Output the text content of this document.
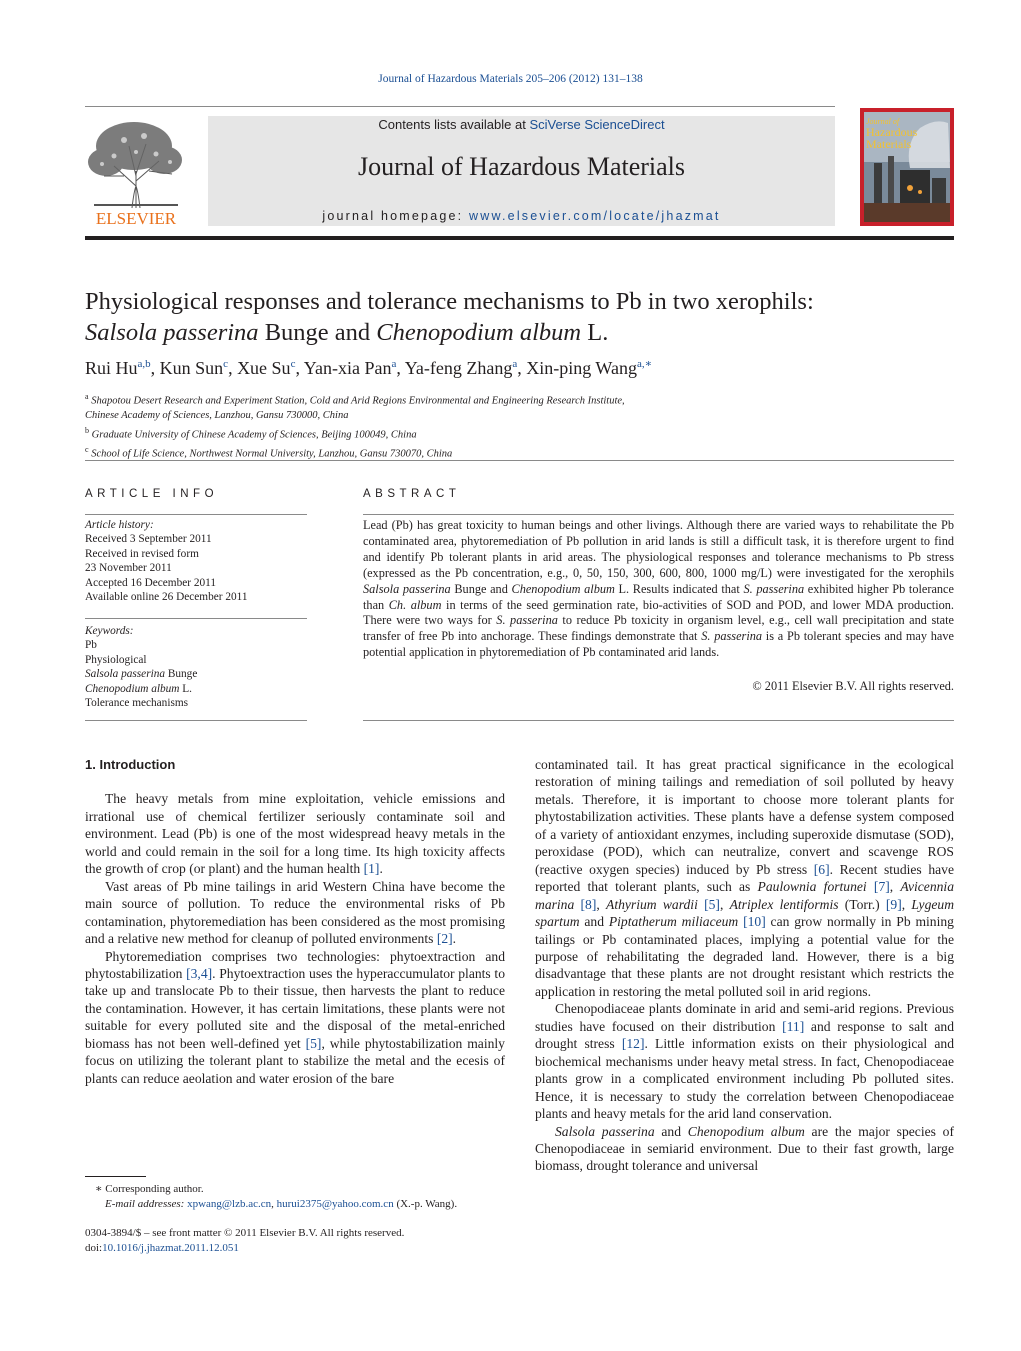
Journal of Hazardous Materials 205–206 (2012) 131–138
ELSEVIER
Contents lists available at SciVerse ScienceDirect
Journal of Hazardous Materials
journal homepage: www.elsevier.com/locate/jhazmat
Journal of
Hazardous
Materials
Physiological responses and tolerance mechanisms to Pb in two xerophils:
Salsola passerina Bunge and Chenopodium album L.
Rui Hu$^{a,b}$, Kun Sun$^c$, Xue Su$^c$, Yan-xia Pan$^a$, Ya-feng Zhang$^a$, Xin-ping Wang$^{a,∗}$
$^a$ Shapotou Desert Research and Experiment Station, Cold and Arid Regions Environmental and Engineering Research Institute,
Chinese Academy of Sciences, Lanzhou, Gansu 730000, China
$^b$ Graduate University of Chinese Academy of Sciences, Beijing 100049, China
$^c$ School of Life Science, Northwest Normal University, Lanzhou, Gansu 730070, China
ARTICLE INFO
Article history:
Received 3 September 2011
Received in revised form
23 November 2011
Accepted 16 December 2011
Available online 26 December 2011
Keywords:
Pb
Physiological
Salsola passerina Bunge
Chenopodium album L.
Tolerance mechanisms
ABSTRACT
Lead (Pb) has great toxicity to human beings and other livings. Although there are varied ways to rehabilitate the Pb contaminated area, phytoremediation of Pb pollution in arid lands is still a difficult task, it is therefore urgent to find and identify Pb tolerant plants in arid areas. The physiological responses and tolerance mechanisms to Pb stress (expressed as the Pb concentration, e.g., 0, 50, 150, 300, 600, 800, 1000 mg/L) were investigated for the xerophils Salsola passerina Bunge and Chenopodium album L. Results indicated that S. passerina exhibited higher Pb tolerance than Ch. album in terms of the seed germination rate, bio-activities of SOD and POD, and lower MDA production. There were two ways for S. passerina to reduce Pb toxicity in organism level, e.g., cell wall precipitation and state transfer of free Pb into anchorage. These findings demonstrate that S. passerina is a Pb tolerant species and may have potential application in phytoremediation of Pb contaminated arid lands.
© 2011 Elsevier B.V. All rights reserved.

1. Introduction

The heavy metals from mine exploitation, vehicle emissions and irrational use of chemical fertilizer seriously contaminate soil and environment. Lead (Pb) is one of the most widespread heavy metals in the world and could remain in the soil for a long time. Its high toxicity affects the growth of crop (or plant) and the human health [1].

Vast areas of Pb mine tailings in arid Western China have become the main source of pollution. To reduce the environmental risks of Pb contamination, phytoremediation has been considered as the most promising and a relative new method for cleanup of polluted environments [2].

Phytoremediation comprises two technologies: phytoextraction and phytostabilization [3,4]. Phytoextraction uses the hyperaccumulator plants to take up and translocate Pb to their tissue, then harvests the plant to reduce the contamination. However, it has certain limitations, these plants were not suitable for every polluted site and the disposal of the metal-enriched biomass has not been well-defined yet [5], while phytostabilization mainly focus on utilizing the tolerant plant to stabilize the metal and the ecesis of plants can reduce aeolation and water erosion of the bare

contaminated tail. It has great practical significance in the ecological restoration of mining tailings and remediation of soil polluted by heavy metals. Therefore, it is important to choose more tolerant plants for phytostabilization activities. These plants have a defense system composed of a variety of antioxidant enzymes, including superoxide dismutase (SOD), peroxidase (POD), which can neutralize, convert and scavenge ROS (reactive oxygen species) induced by Pb stress [6]. Recent studies have reported that tolerant plants, such as Paulownia fortunei [7], Avicennia marina [8], Athyrium wardii [5], Atriplex lentiformis (Torr.) [9], Lygeum spartum and Piptatherum miliaceum [10] can grow normally in Pb mining tailings or Pb contaminated places, implying a potential value for the purpose of rehabilitating the degraded land. However, there is a big disadvantage that these plants are not drought resistant which restricts the application in restoring the metal polluted soil in arid regions.

Chenopodiaceae plants dominate in arid and semi-arid regions. Previous studies have focused on their distribution [11] and response to salt and drought stress [12]. Little information exists on their physiological and biochemical mechanisms under heavy metal stress. In fact, Chenopodiaceae plants grow in a complicated environment including Pb polluted sites. Hence, it is necessary to study the correlation between Chenopodiaceae plants and heavy metals for the arid land conservation.

Salsola passerina and Chenopodium album are the major species of Chenopodiaceae in semiarid environment. Due to their fast growth, large biomass, drought tolerance and universal

∗ Corresponding author.
E-mail addresses: xpwang@lzb.ac.cn, hurui2375@yahoo.com.cn (X.-p. Wang).
0304-3894/$ – see front matter © 2011 Elsevier B.V. All rights reserved.
doi:10.1016/j.jhazmat.2011.12.051
